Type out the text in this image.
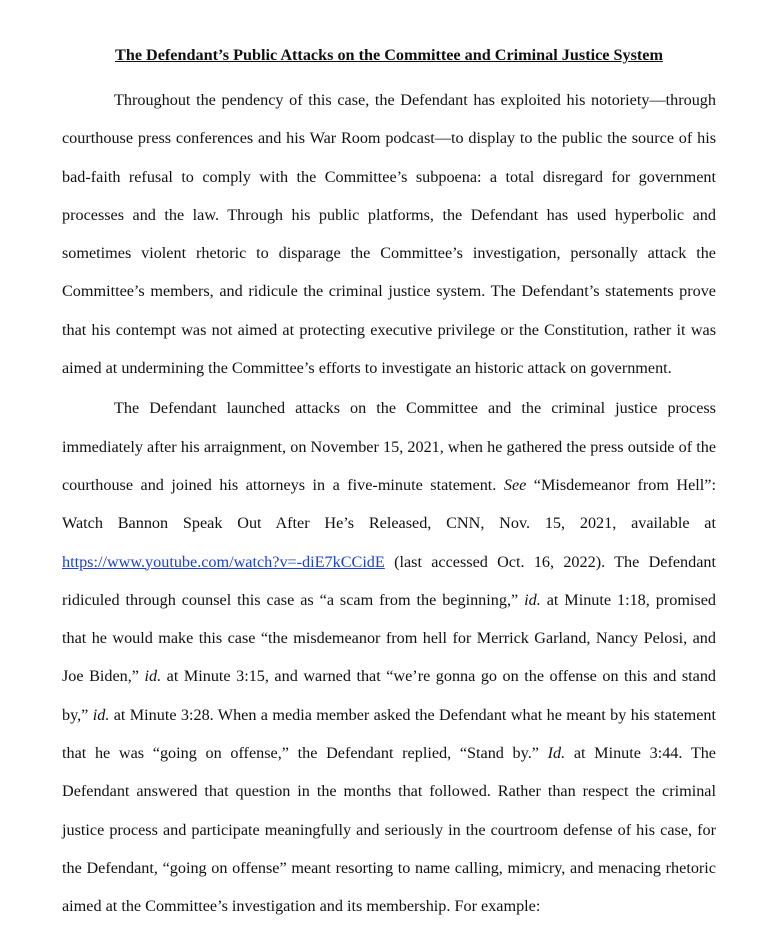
The Defendant’s Public Attacks on the Committee and Criminal Justice System

Throughout the pendency of this case, the Defendant has exploited his notoriety—through courthouse press conferences and his War Room podcast—to display to the public the source of his bad-faith refusal to comply with the Committee’s subpoena: a total disregard for government processes and the law. Through his public platforms, the Defendant has used hyperbolic and sometimes violent rhetoric to disparage the Committee’s investigation, personally attack the Committee’s members, and ridicule the criminal justice system. The Defendant’s statements prove that his contempt was not aimed at protecting executive privilege or the Constitution, rather it was aimed at undermining the Committee’s efforts to investigate an historic attack on government.

The Defendant launched attacks on the Committee and the criminal justice process immediately after his arraignment, on November 15, 2021, when he gathered the press outside of the courthouse and joined his attorneys in a five-minute statement. See “Misdemeanor from Hell”: Watch Bannon Speak Out After He’s Released, CNN, Nov. 15, 2021, available at https://www.youtube.com/watch?v=-diE7kCCidE (last accessed Oct. 16, 2022). The Defendant ridiculed through counsel this case as “a scam from the beginning,” id. at Minute 1:18, promised that he would make this case “the misdemeanor from hell for Merrick Garland, Nancy Pelosi, and Joe Biden,” id. at Minute 3:15, and warned that “we’re gonna go on the offense on this and stand by,” id. at Minute 3:28. When a media member asked the Defendant what he meant by his statement that he was “going on offense,” the Defendant replied, “Stand by.” Id. at Minute 3:44. The Defendant answered that question in the months that followed. Rather than respect the criminal justice process and participate meaningfully and seriously in the courtroom defense of his case, for the Defendant, “going on offense” meant resorting to name calling, mimicry, and menacing rhetoric aimed at the Committee’s investigation and its membership. For example:
